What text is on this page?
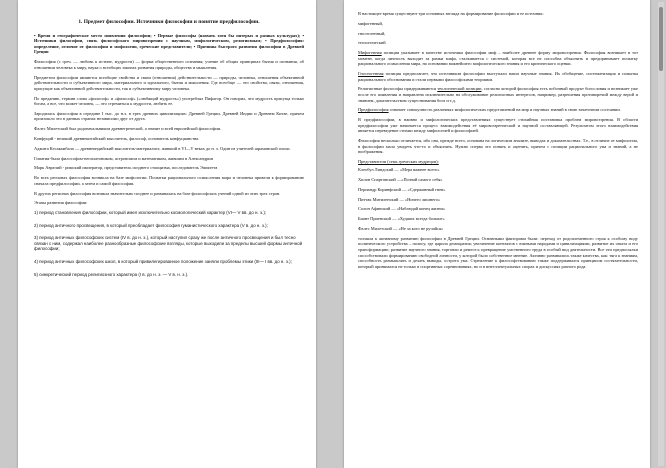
1. Предмет философии. Источники философии и понятие предфилософии.

• Время и географическое место появления философии; • Первые философы (назвать хотя бы пятерых и разных культурах); • Источники философии, связь философского мировоззрения с научным, мифологическим, религиозным; • Предфилософия: определение, отличие от философии и мифологии, греческие представители; • Причины быстрого развития философии в Древней Греции

Философия (с греч. — любовь к истине, мудрости) — форма общественного сознания; учение об общих принципах бытия и познания, об отношении человека к миру, наука о всеобщих законах развития природы, общества и мышления.

Предметом философии являются всеобщие свойства и связи (отношения) действительности — природы, человека, отношения объективной действительности и субъективного мира, материального и идеального, бытия и мышления. Где всеобще — это свойства, связи, отношения, присущие как объективной действительности, так и субъективному миру человека.

По преданию, термин слова «философ» и «философ» («любящий мудрость») употреблял Пифагор. Он говорил, что мудрость присуща только богам, а все, что может человек, — это стремиться к мудрости, любить ее.

Зародилась философия в середине I тыс. до н.э. в трех древних цивилизациях: Древней Греции, Древней Индии и Древнем Китае, причем произошло это в данных странах независимо друг от друга.

Фалес Милетский был родоначальником древнегреческой, а значит и всей европейской философии.

Конфуций - великий древнекитайский мыслитель, философ, основатель конфуцианства.

Аджита Кесакамбала — древнеиндийский мыслитель-материалист, живший в VI—V веках до н. э. Один из учителей шраманской эпохи.

Гипатия-была философом-неоплатоником, астрономом и математиком, жившим в Александрии

Марк Аврелий - римский император, представитель позднего стоицизма, последователь Эпиктета

Во всех регионах философия возникла на базе мифологии. Попытки рационального осмысления мира и человека привели к формированию сначала предфилософии, а затем и самой философии.

В других регионах философия возникла значительно позднее и развивалась на базе философских учений одной из этих трех стран.

Этапы развития философии:

1) период становления философии, который имел исключительно космологический характер (VI— V вв. до н. э.);

2) период античного просвещения, в который преобладает философия гуманистического характера (V в. до н. э.);

3) период античных философских систем (IV в. до н. э.), который наступил сразу же после античного просвещения и был тесно связан с ним, содержал наиболее разнообразные философские взгляды, которые выходили за пределы высшей формы античной философии;

4) период античных философских школ, в который привилегированное положение заняли проблемы этики (III— I вв. до н. э.);

5) синкретический период религиозного характера (I в. до н. э. — V в. н. э.).

В настоящее время существуют три основных взгляда на формирование философии и ее источник:

мифогенный,

гносеогенный,

теологический

Мифогенная позиция указывает в качестве источника философии миф – наиболее древнее форму мировоззрения. Философия возникает в тот момент, когда личность выходит за рамки мифа, сталкивается с системой, которая все не способна объяснить и предпринимает попытку рационального осмысления мира, на основании важнейшего мифологического знания и его критического оценки.

Гносеогенная позиция предполагает, что источником философии выступали наши научные знания. Их обобщение, систематизация и попытка рационального обоснования и стали первыми философскими теориями.

Религиозные философы придерживаются теологической позиции, согласно которой философия есть побочный продукт богословия и возникает уже после его появления и направлена исключительно на обслуживание религиозных интересов, например, разрешения противоречий между верой и знанием, доказательством существования бога и т.д.

Предфилософия означает совокупность различных мифологических представлений на мир и научных знаний в свою зачаточном состоянии.

В предфилософии, в наивно и мифологических представлениях существует стихийная постановка проблем мировоззрения. В области предфилософии уже начинается процесс взаимодействия её мировоззренческой и научной составляющей. Результатом этого взаимодействия является переведение стихии между мифологией и философией.

Философия несколько отличается, ибо она, прежде всего, основана на логическом анализе, выводах и доказательствах. Т.е., в отличие от мифологии, в философии мало увидеть что-то и объяснить. Нужно сперва это понять и оценить, причем с позиции рационального ума и знаний, а не воображения.

Представители (семь греческих мудрецов):

Клеобул Линдский — «Мера важнее всего»

Хилон Спартанский —«Познай самого себя»

Периандр Коринфский — «Сдержанный гнев»

Питтак Митиленский — «Ничего лишнего»

Солон Афинский — «Наблюдай конец жизни»

Биант Приенский — «Худших всегда больше»

Фалес Милетский — «Не за кого не ручайся»

толчком к активному развитию философии в Древней Греции. Основными факторами были: переход от родоплеменного строя к особому виду политического устройства – полису, где царила демократия; увеличение контактов с южными народами и цивилизациями, развитие их опыта и его трансформацию; развитие научного знания, торговли и ремесел; превращение умственного труда в особый вид деятельности. Все эти предпосылки способствовали формированию свободной личности, у которой было собственное мнение. Активно развивались также качества, как: тяга к знаниям, способность размышлять и делать выводы, острота ума. Стремление к философствованию также поддерживался принципом состязательности, который принимался не только в спортивных соревнованиях, но и в интеллектуальных спорах и дискуссиях разного рода.
